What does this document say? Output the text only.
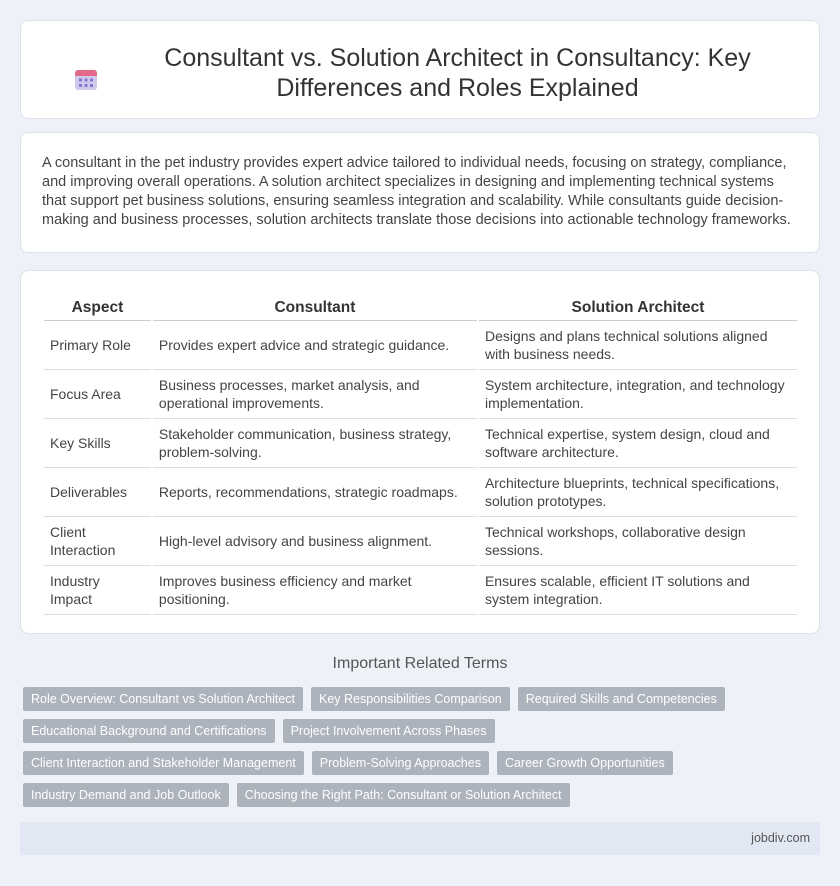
Consultant vs. Solution Architect in Consultancy: Key Differences and Roles Explained

A consultant in the pet industry provides expert advice tailored to individual needs, focusing on strategy, compliance, and improving overall operations. A solution architect specializes in designing and implementing technical systems that support pet business solutions, ensuring seamless integration and scalability. While consultants guide decision-making and business processes, solution architects translate those decisions into actionable technology frameworks.

Aspect	Consultant	Solution Architect
Primary Role	Provides expert advice and strategic guidance.	Designs and plans technical solutions aligned with business needs.
Focus Area	Business processes, market analysis, and operational improvements.	System architecture, integration, and technology implementation.
Key Skills	Stakeholder communication, business strategy, problem-solving.	Technical expertise, system design, cloud and software architecture.
Deliverables	Reports, recommendations, strategic roadmaps.	Architecture blueprints, technical specifications, solution prototypes.
Client Interaction	High-level advisory and business alignment.	Technical workshops, collaborative design sessions.
Industry Impact	Improves business efficiency and market positioning.	Ensures scalable, efficient IT solutions and system integration.
Important Related Terms
Role Overview: Consultant vs Solution Architect	Key Responsibilities Comparison	Required Skills and Competencies
Educational Background and Certifications	Project Involvement Across Phases
Client Interaction and Stakeholder Management	Problem-Solving Approaches	Career Growth Opportunities
Industry Demand and Job Outlook	Choosing the Right Path: Consultant or Solution Architect
jobdiv.com
